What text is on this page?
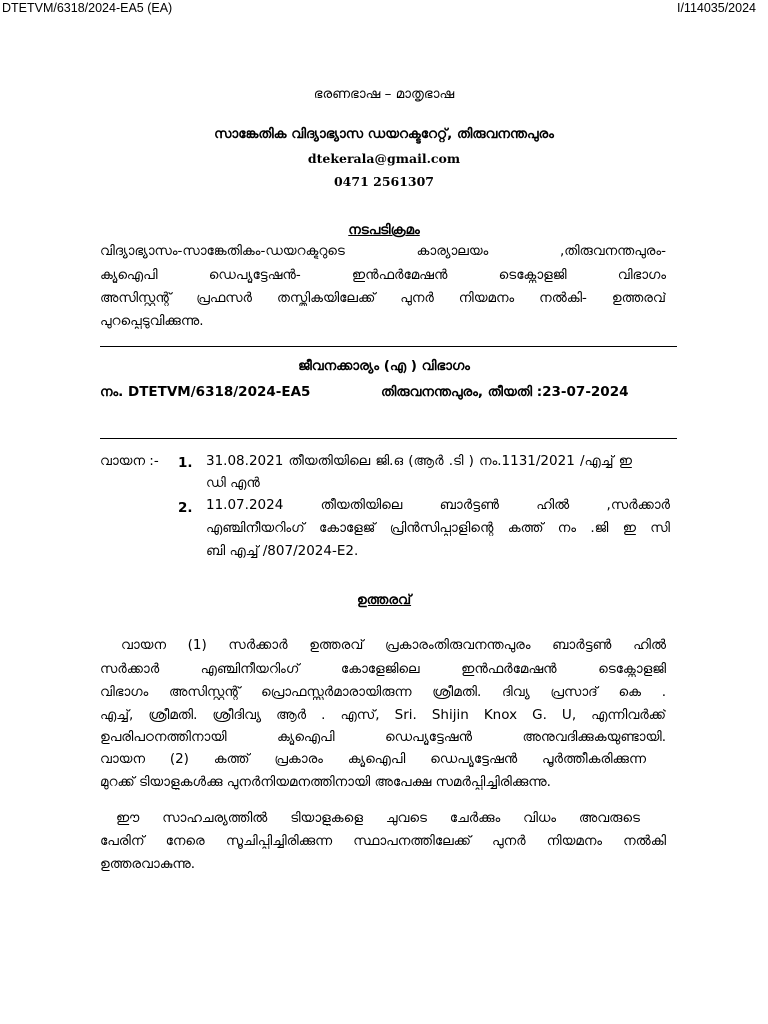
DTETVM/6318/2024-EA5 (EA)	I/114035/2024
ഭരണഭാഷ – മാതൃഭാഷ
സാങ്കേതിക വിദ്യാഭ്യാസ ഡയറക്ടറേറ്റ്, തിരുവനന്തപുരം
dtekerala@gmail.com
0471 2561307
നടപടിക്രമം
വിദ്യാഭ്യാസം-സാങ്കേതികം-ഡയറക്ടറുടെ കാര്യാലയം ,തിരുവനന്തപുരം-
ക്യൂഐപി ഡെപ്യൂട്ടേഷൻ- ഇൻഫർമേഷൻ ടെക്നോളജി വിഭാഗം
അസിസ്റ്റന്റ് പ്രഫസർ തസ്തികയിലേക്ക് പുനർ നിയമനം നൽകി- ഉത്തരവ്
പുറപ്പെടുവിക്കുന്നു.
ജീവനക്കാര്യം (എ ) വിഭാഗം
നം. DTETVM/6318/2024-EA5	തിരുവനന്തപുരം, തീയതി :23-07-2024
വായന :- 1. 31.08.2021 തീയതിയിലെ ജി.ഒ (ആർ .ടി ) നം.1131/2021 /എച്ച് ഇ
ഡി എൻ
2. 11.07.2024 തീയതിയിലെ ബാർട്ടൺ ഹിൽ ,സർക്കാർ
എഞ്ചിനീയറിംഗ് കോളേജ് പ്രിൻസിപ്പാളിന്റെ കത്ത് നം .ജി ഇ സി
ബി എച്ച് /807/2024-E2.
ഉത്തരവ്
വായന (1) സർക്കാർ ഉത്തരവ് പ്രകാരംതിരുവനന്തപുരം ബാർട്ടൺ ഹിൽ
സർക്കാർ എഞ്ചിനീയറിംഗ് കോളേജിലെ ഇൻഫർമേഷൻ ടെക്നോളജി
വിഭാഗം അസിസ്റ്റന്റ് പ്രൊഫസ്സർമാരായിരുന്ന ശ്രീമതി. ദിവ്യ പ്രസാദ് കെ .
എച്ച്, ശ്രീമതി. ശ്രീദിവ്യ ആർ . എസ്, Sri. Shijin Knox G. U, എന്നിവർക്ക്
ഉപരിപഠനത്തിനായി ക്യൂഐപി ഡെപ്യൂട്ടേഷൻ അനുവദിക്കുകയുണ്ടായി.
വായന (2) കത്ത് പ്രകാരം ക്യൂഐപി ഡെപ്യൂട്ടേഷൻ പൂർത്തീകരിക്കുന്ന
മുറക്ക് ടിയാളുകൾക്കു പുനർനിയമനത്തിനായി അപേക്ഷ സമർപ്പിച്ചിരിക്കുന്നു.
ഈ സാഹചര്യത്തിൽ ടിയാളുകളെ ചുവടെ ചേർക്കും വിധം അവരുടെ
പേരിന് നേരെ സൂചിപ്പിച്ചിരിക്കുന്ന സ്ഥാപനത്തിലേക്ക് പുനർ നിയമനം നൽകി
ഉത്തരവാകുന്നു.
